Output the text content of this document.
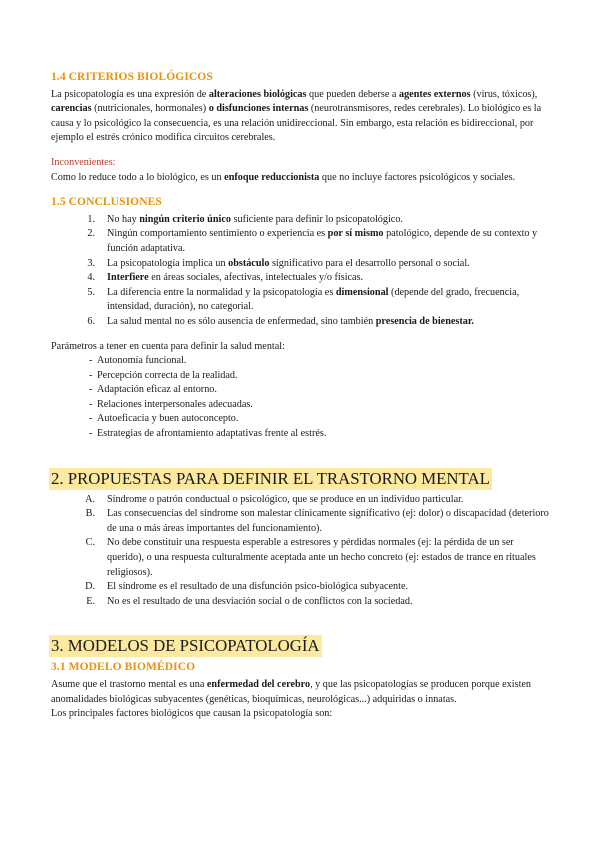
1.4 CRITERIOS BIOLÓGICOS

La psicopatología es una expresión de alteraciones biológicas que pueden deberse a agentes externos (virus, tóxicos), carencias (nutricionales, hormonales) o disfunciones internas (neurotransmisores, redes cerebrales). Lo biológico es la causa y lo psicológico la consecuencia, es una relación unidireccional. Sin embargo, esta relación es bidireccional, por ejemplo el estrés crónico modifica circuitos cerebrales.

Inconvenientes:

Como lo reduce todo a lo biológico, es un enfoque reduccionista que no incluye factores psicológicos y sociales.

1.5 CONCLUSIONES
1.	No hay ningún criterio único suficiente para definir lo psicopatológico.
2.	Ningún comportamiento sentimiento o experiencia es por sí mismo patológico, depende de su contexto y función adaptativa.
3.	La psicopatología implica un obstáculo significativo para el desarrollo personal o social.
4.	Interfiere en áreas sociales, afectivas, intelectuales y/o físicas.
5.	La diferencia entre la normalidad y la psicopatología es dimensional (depende del grado, frecuencia, intensidad, duración), no categorial.
6.	La salud mental no es sólo ausencia de enfermedad, sino también presencia de bienestar.

Parámetros a tener en cuenta para definir la salud mental:

- Autonomía funcional.
- Percepción correcta de la realidad.
- Adaptación eficaz al entorno.
- Relaciones interpersonales adecuadas.
- Autoeficacia y buen autoconcepto.
- Estrategias de afrontamiento adaptativas frente al estrés.
2. PROPUESTAS PARA DEFINIR EL TRASTORNO MENTAL
A.	Síndrome o patrón conductual o psicológico, que se produce en un individuo particular.
B.	Las consecuencias del síndrome son malestar clínicamente significativo (ej: dolor) o discapacidad (deterioro de una o más áreas importantes del funcionamiento).
C.	No debe constituir una respuesta esperable a estresores y pérdidas normales (ej: la pérdida de un ser querido), o una respuesta culturalmente aceptada ante un hecho concreto (ej: estados de trance en rituales religiosos).
D.	El síndrome es el resultado de una disfunción psico-biológica subyacente.
E.	No es el resultado de una desviación social o de conflictos con la sociedad.
3. MODELOS DE PSICOPATOLOGÍA
3.1 MODELO BIOMÉDICO

Asume que el trastorno mental es una enfermedad del cerebro, y que las psicopatologías se producen porque existen anomalidades biológicas subyacentes (genéticas, bioquímicas, neurológicas...) adquiridas o innatas.

Los principales factores biológicos que causan la psicopatología son:
